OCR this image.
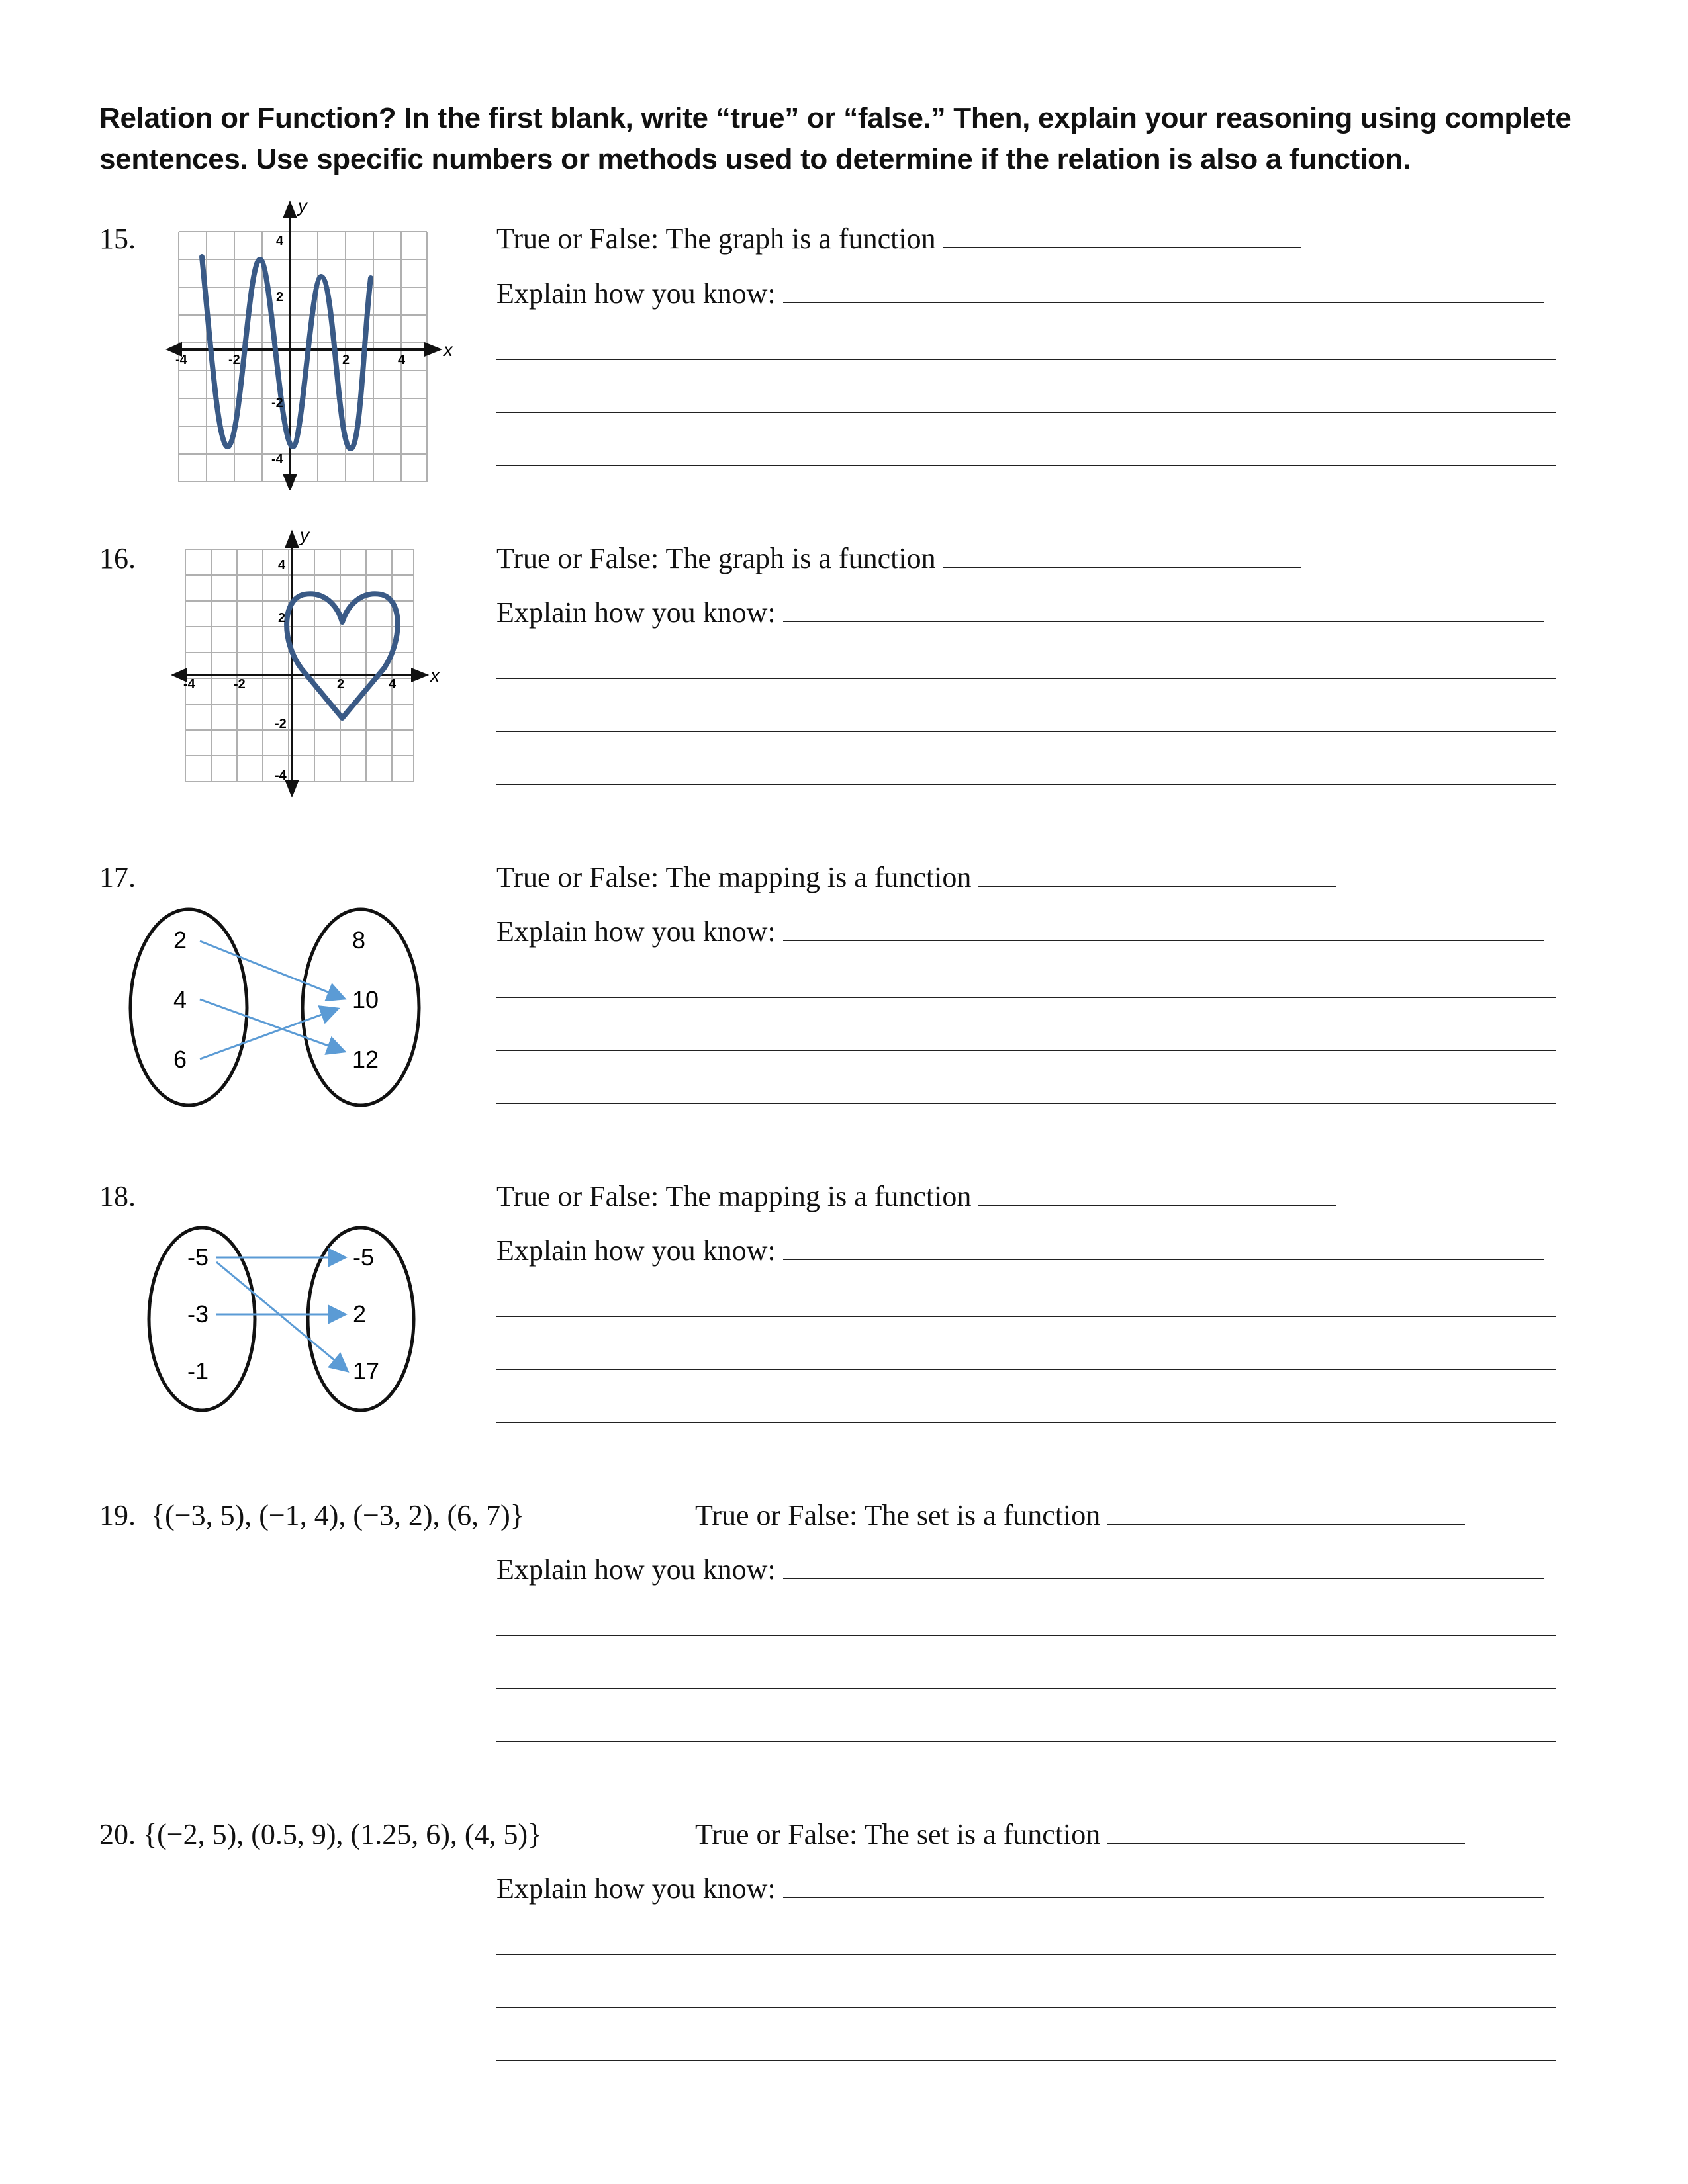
Relation or Function? In the first blank, write “true” or “false.” Then, explain your reasoning using complete sentences. Use specific numbers or methods used to determine if the relation is also a function.
15.
x
y
-4	-2	2	4
4
2
-2
-4
True or False: The graph is a function
Explain how you know:
16.
x
y
-4	-2	2	4
4
2
-2
-4
True or False: The graph is a function
Explain how you know:
17.
2
4
6
8
10
12
True or False: The mapping is a function
Explain how you know:
18.
-5
-3
-1
-5
2
17
True or False: The mapping is a function
Explain how you know:
19. {(−3, 5), (−1, 4), (−3, 2), (6, 7)}	True or False: The set is a function
Explain how you know:
20. {(−2, 5), (0.5, 9), (1.25, 6), (4, 5)}	True or False: The set is a function
Explain how you know:
